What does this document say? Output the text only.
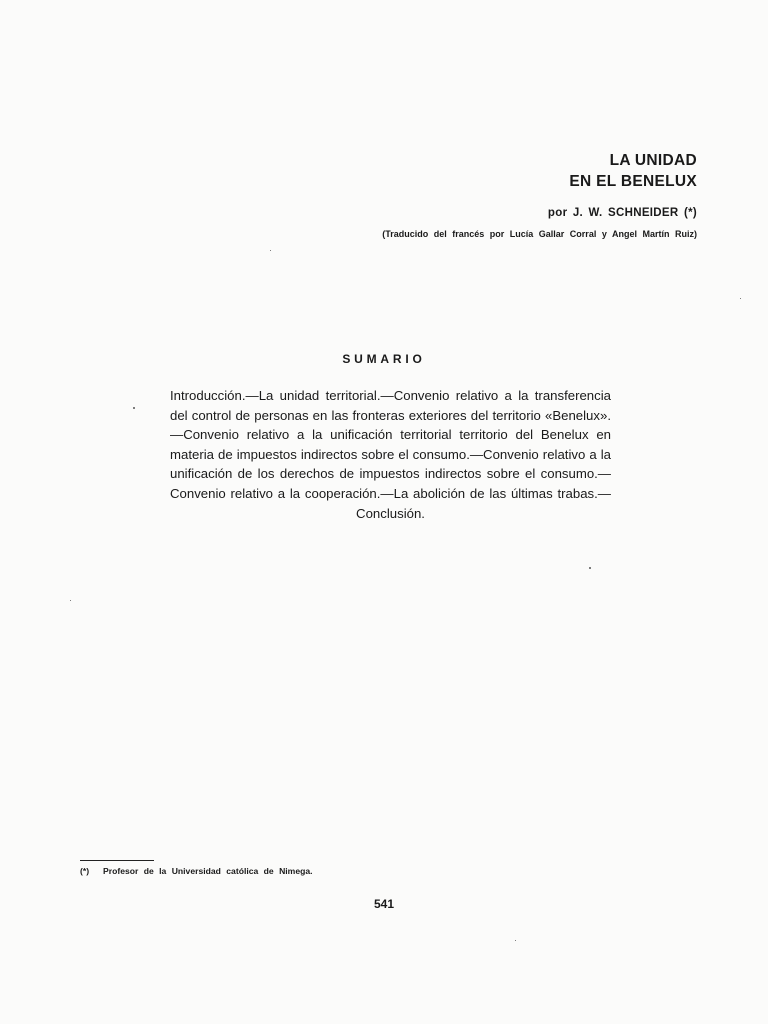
LA UNIDAD
EN EL BENELUX

por J. W. SCHNEIDER (*)

(Traducido del francés por Lucía Gallar Corral y Angel Martín Ruiz)

SUMARIO

Introducción.—La unidad territorial.—Convenio relativo a la transferencia del control de personas en las fronteras exteriores del territorio «Benelux».—Convenio relativo a la unificación territorial territorio del Benelux en materia de impuestos indirectos sobre el consumo.—Convenio relativo a la unificación de los derechos de impuestos indirectos sobre el consumo.—Convenio relativo a la cooperación.—La abolición de las últimas trabas.—Conclusión.

(*) Profesor de la Universidad católica de Nimega.

541
